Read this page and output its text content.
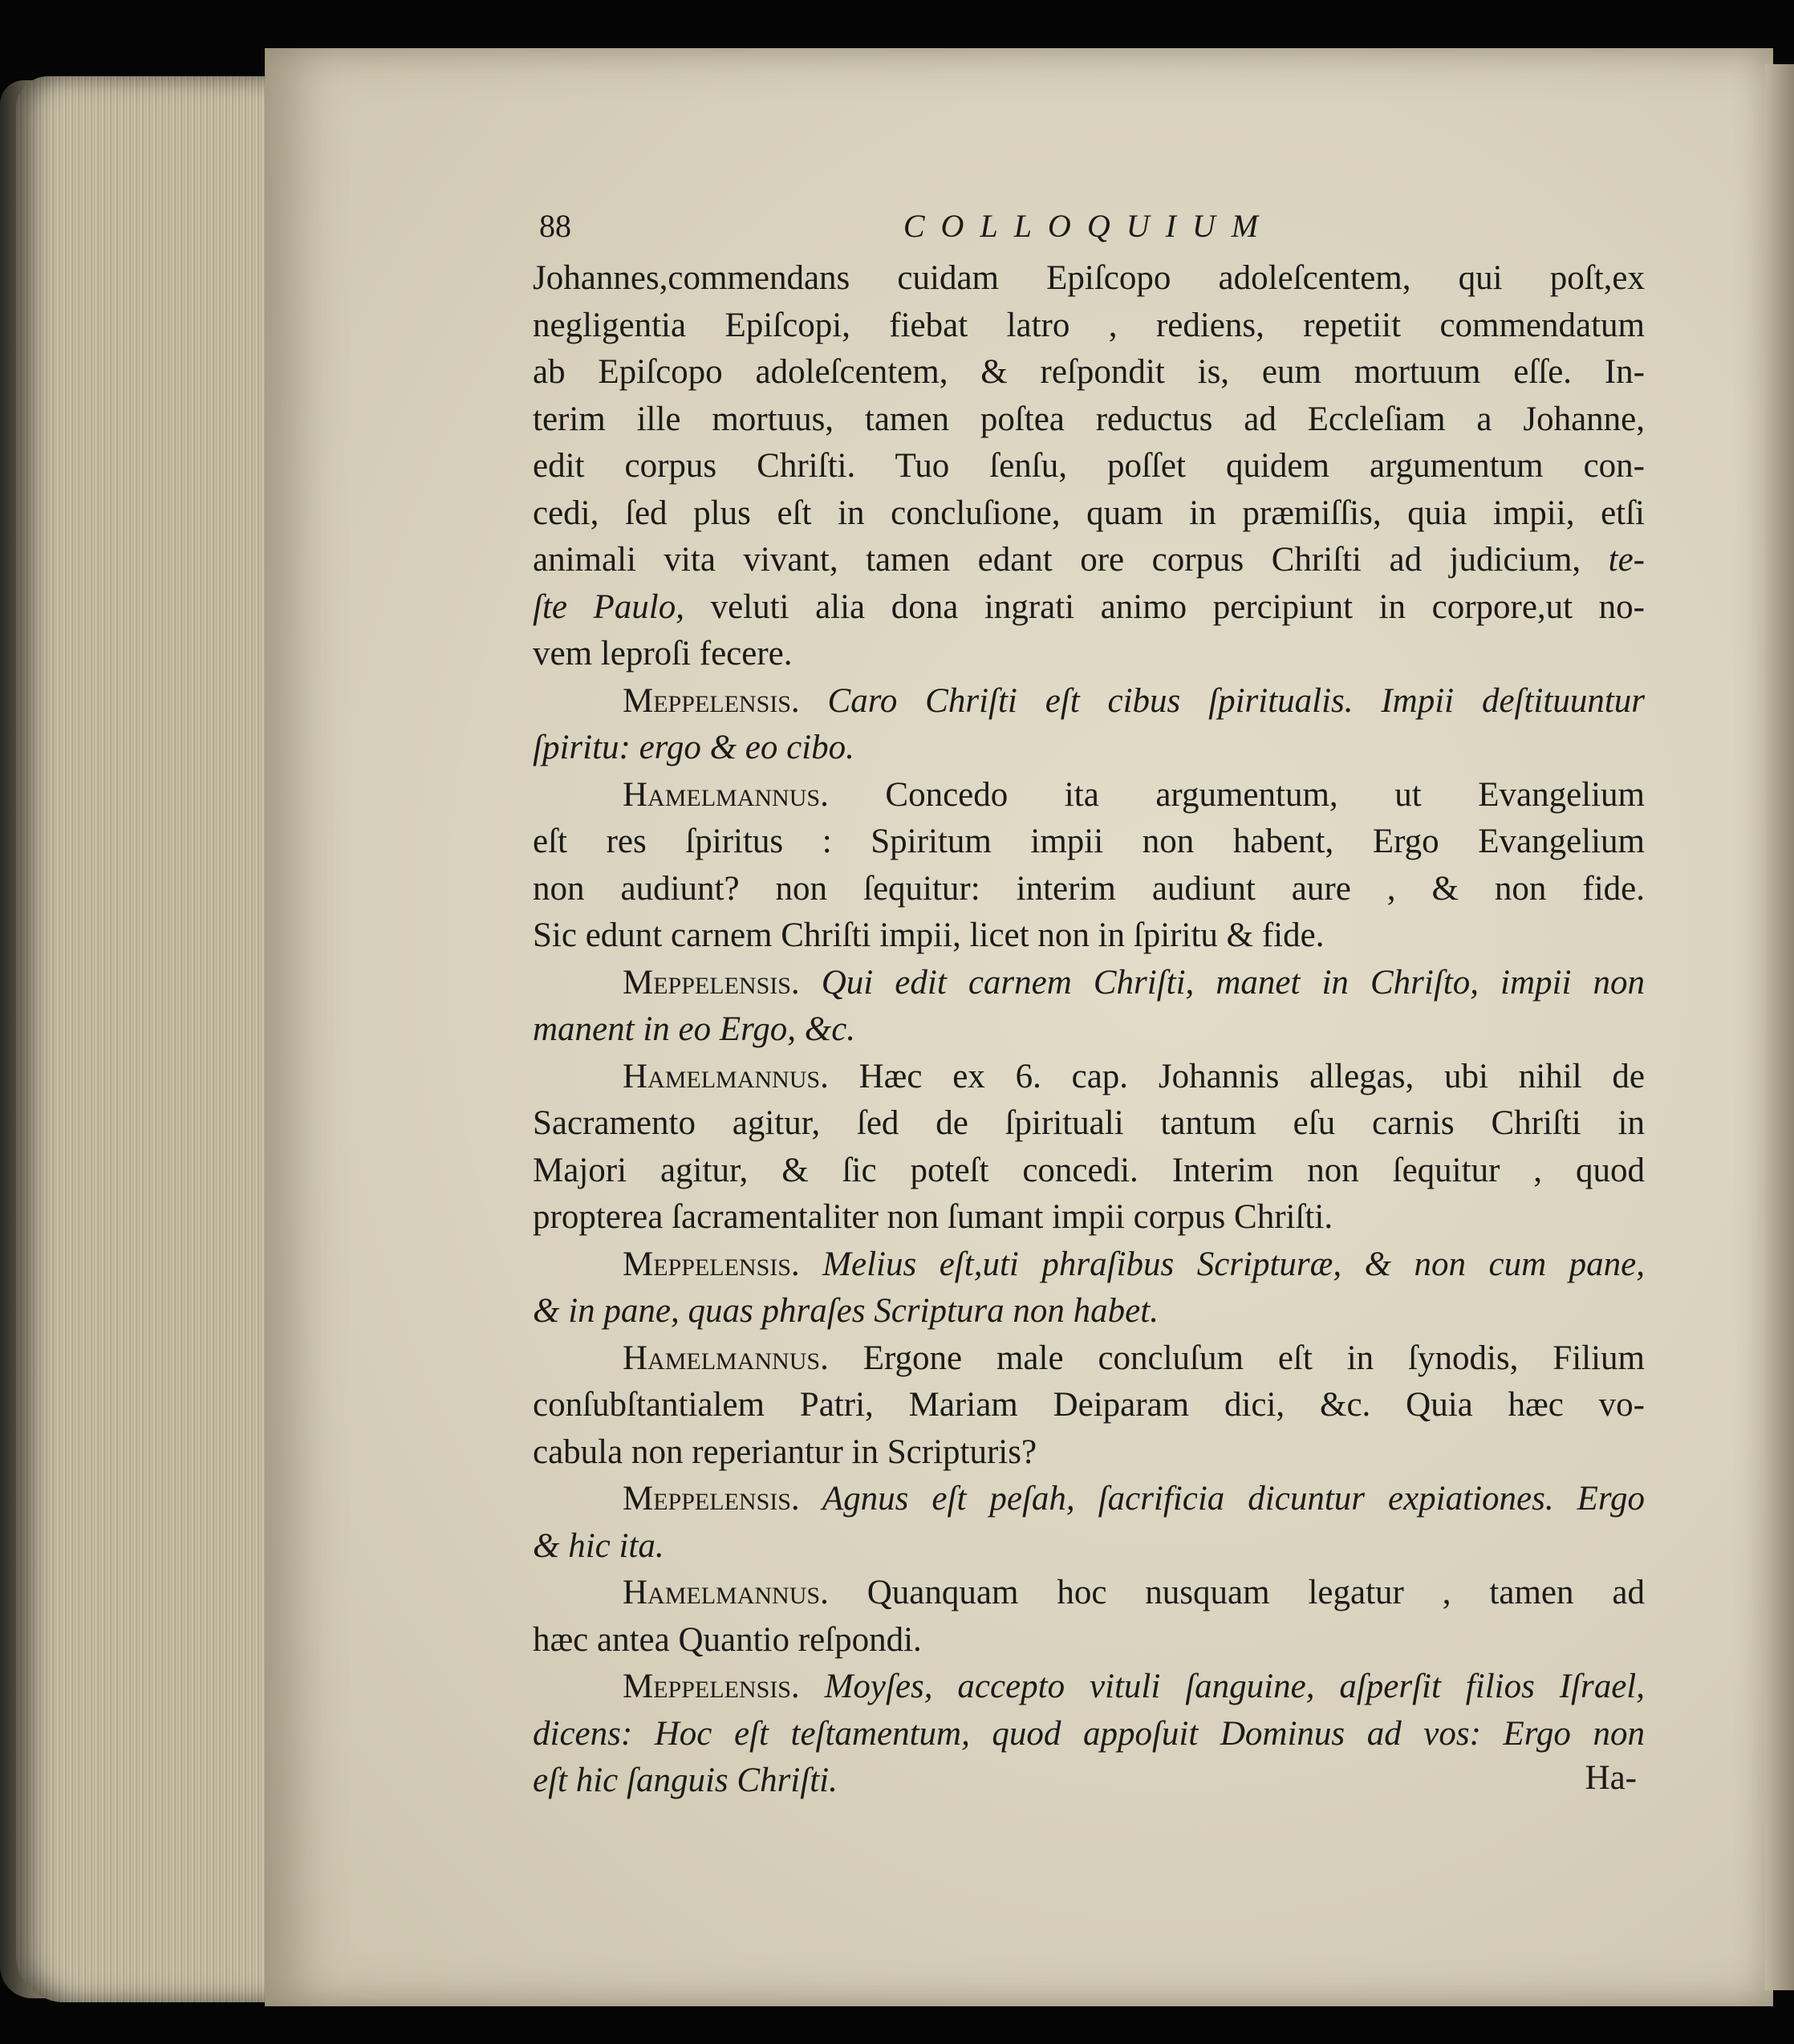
88	COLLOQUIUM
Johannes,commendans cuidam Epiſcopo adoleſcentem, qui poſt,ex
negligentia Epiſcopi, fiebat latro , rediens, repetiit commendatum
ab Epiſcopo adoleſcentem, & reſpondit is, eum mortuum eſſe. In-
terim ille mortuus, tamen poſtea reductus ad Eccleſiam a Johanne,
edit corpus Chriſti. Tuo ſenſu, poſſet quidem argumentum con-
cedi, ſed plus eſt in concluſione, quam in præmiſſis, quia impii, etſi
animali vita vivant, tamen edant ore corpus Chriſti ad judicium, te-
ſte Paulo, veluti alia dona ingrati animo percipiunt in corpore,ut no-
vem leproſi fecere.
Meppelensis. Caro Chriſti eſt cibus ſpiritualis. Impii deſtituuntur
ſpiritu: ergo & eo cibo.
Hamelmannus. Concedo ita argumentum, ut Evangelium
eſt res ſpiritus : Spiritum impii non habent, Ergo Evangelium
non audiunt? non ſequitur: interim audiunt aure , & non fide.
Sic edunt carnem Chriſti impii, licet non in ſpiritu & fide.
Meppelensis. Qui edit carnem Chriſti, manet in Chriſto, impii non
manent in eo Ergo, &c.
Hamelmannus. Hæc ex 6. cap. Johannis allegas, ubi nihil de
Sacramento agitur, ſed de ſpirituali tantum eſu carnis Chriſti in
Majori agitur, & ſic poteſt concedi. Interim non ſequitur , quod
propterea ſacramentaliter non ſumant impii corpus Chriſti.
Meppelensis. Melius eſt,uti phraſibus Scripturæ, & non cum pane,
& in pane, quas phraſes Scriptura non habet.
Hamelmannus. Ergone male concluſum eſt in ſynodis, Filium
conſubſtantialem Patri, Mariam Deiparam dici, &c. Quia hæc vo-
cabula non reperiantur in Scripturis?
Meppelensis. Agnus eſt peſah, ſacrificia dicuntur expiationes. Ergo
& hic ita.
Hamelmannus. Quanquam hoc nusquam legatur , tamen ad
hæc antea Quantio reſpondi.
Meppelensis. Moyſes, accepto vituli ſanguine, aſperſit filios Iſrael,
dicens: Hoc eſt teſtamentum, quod appoſuit Dominus ad vos: Ergo non
eſt hic ſanguis Chriſti.	Ha-
